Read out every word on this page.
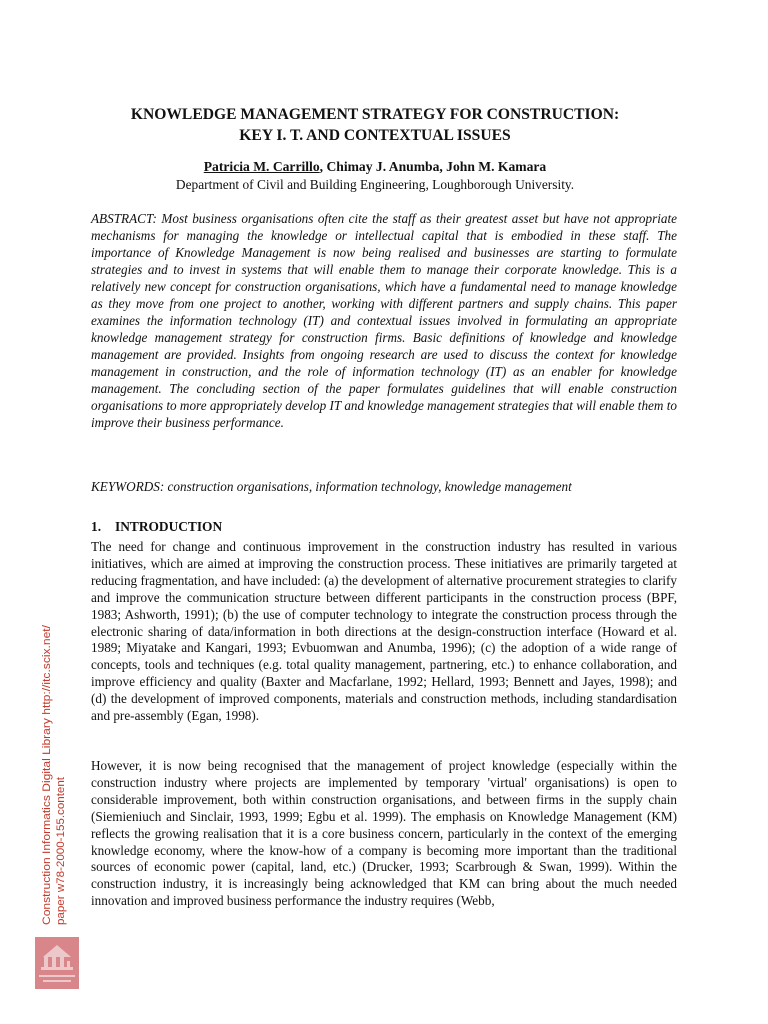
KNOWLEDGE MANAGEMENT STRATEGY FOR CONSTRUCTION:
KEY I. T. AND CONTEXTUAL ISSUES
Patricia M. Carrillo, Chimay J. Anumba, John M. Kamara
Department of Civil and Building Engineering, Loughborough University.

ABSTRACT: Most business organisations often cite the staff as their greatest asset but have not appropriate mechanisms for managing the knowledge or intellectual capital that is embodied in these staff. The importance of Knowledge Management is now being realised and businesses are starting to formulate strategies and to invest in systems that will enable them to manage their corporate knowledge. This is a relatively new concept for construction organisations, which have a fundamental need to manage knowledge as they move from one project to another, working with different partners and supply chains. This paper examines the information technology (IT) and contextual issues involved in formulating an appropriate knowledge management strategy for construction firms. Basic definitions of knowledge and knowledge management are provided. Insights from ongoing research are used to discuss the context for knowledge management in construction, and the role of information technology (IT) as an enabler for knowledge management. The concluding section of the paper formulates guidelines that will enable construction organisations to more appropriately develop IT and knowledge management strategies that will enable them to improve their business performance.

KEYWORDS: construction organisations, information technology, knowledge management

1. INTRODUCTION

The need for change and continuous improvement in the construction industry has resulted in various initiatives, which are aimed at improving the construction process. These initiatives are primarily targeted at reducing fragmentation, and have included: (a) the development of alternative procurement strategies to clarify and improve the communication structure between different participants in the construction process (BPF, 1983; Ashworth, 1991); (b) the use of computer technology to integrate the construction process through the electronic sharing of data/information in both directions at the design-construction interface (Howard et al. 1989; Miyatake and Kangari, 1993; Evbuomwan and Anumba, 1996); (c) the adoption of a wide range of concepts, tools and techniques (e.g. total quality management, partnering, etc.) to enhance collaboration, and improve efficiency and quality (Baxter and Macfarlane, 1992; Hellard, 1993; Bennett and Jayes, 1998); and (d) the development of improved components, materials and construction methods, including standardisation and pre-assembly (Egan, 1998).

However, it is now being recognised that the management of project knowledge (especially within the construction industry where projects are implemented by temporary 'virtual' organisations) is open to considerable improvement, both within construction organisations, and between firms in the supply chain (Siemieniuch and Sinclair, 1993, 1999; Egbu et al. 1999). The emphasis on Knowledge Management (KM) reflects the growing realisation that it is a core business concern, particularly in the context of the emerging knowledge economy, where the know-how of a company is becoming more important than the traditional sources of economic power (capital, land, etc.) (Drucker, 1993; Scarbrough & Swan, 1999). Within the construction industry, it is increasingly being acknowledged that KM can bring about the much needed innovation and improved business performance the industry requires (Webb,

Construction Informatics Digital Library http://itc.scix.net/ paper w78-2000-155.content
